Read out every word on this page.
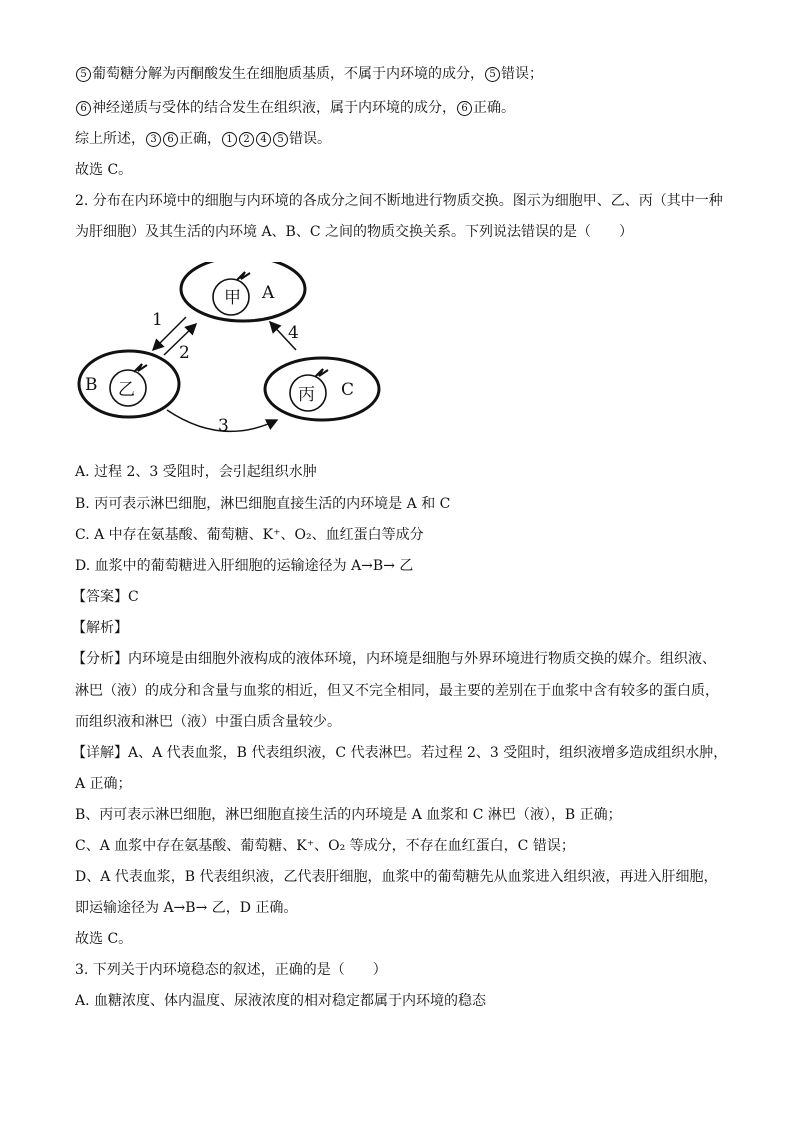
5 葡萄糖分解为丙酮酸发生在细胞质基质，不属于内环境的成分， 5 错误；
6 神经递质与受体的结合发生在组织液，属于内环境的成分， 6 正确。
综上所述， 3 6 正确， 1 2 4 5 错误。
故选 C。
2. 分布在内环境中的细胞与内环境的各成分之间不断地进行物质交换。图示为细胞甲、乙、丙（其中一种
为肝细胞）及其生活的内环境 A、B、C 之间的物质交换关系。下列说法错误的是（　　）
甲 A
乙
B	丙 C
1
2
4
3
A. 过程 2、3 受阻时，会引起组织水肿
B. 丙可表示淋巴细胞，淋巴细胞直接生活的内环境是 A 和 C
C. A 中存在氨基酸、葡萄糖、K⁺、O₂、血红蛋白等成分
D. 血浆中的葡萄糖进入肝细胞的运输途径为 A→B→ 乙
【答案】C
【解析】
【分析】内环境是由细胞外液构成的液体环境，内环境是细胞与外界环境进行物质交换的媒介。组织液、
淋巴（液）的成分和含量与血浆的相近，但又不完全相同，最主要的差别在于血浆中含有较多的蛋白质，
而组织液和淋巴（液）中蛋白质含量较少。
【详解】A、A 代表血浆，B 代表组织液，C 代表淋巴。若过程 2、3 受阻时，组织液增多造成组织水肿，
A 正确；
B、丙可表示淋巴细胞，淋巴细胞直接生活的内环境是 A 血浆和 C 淋巴（液），B 正确；
C、A 血浆中存在氨基酸、葡萄糖、K⁺、O₂ 等成分，不存在血红蛋白，C 错误；
D、A 代表血浆，B 代表组织液，乙代表肝细胞，血浆中的葡萄糖先从血浆进入组织液，再进入肝细胞，
即运输途径为 A→B→ 乙，D 正确。
故选 C。
3. 下列关于内环境稳态的叙述，正确的是（　　）
A. 血糖浓度、体内温度、尿液浓度的相对稳定都属于内环境的稳态
